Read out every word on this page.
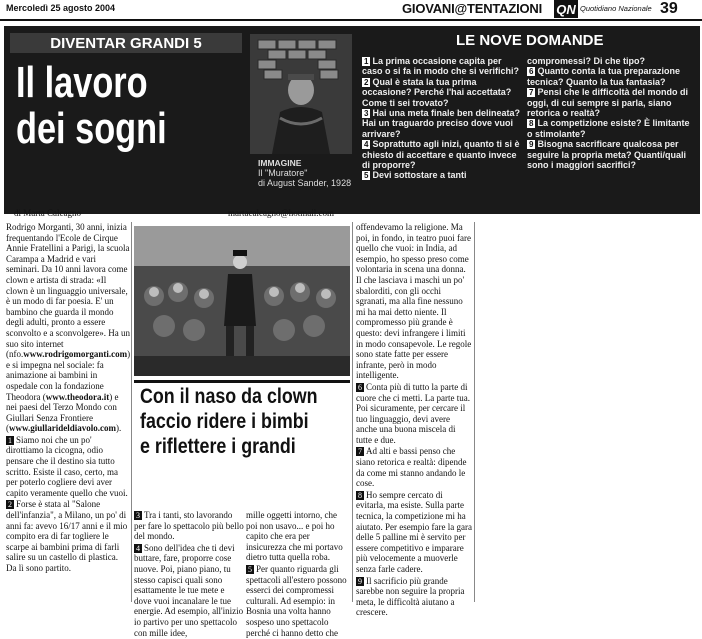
Mercoledì 25 agosto 2004	GIOVANI@TENTAZIONI QN Quotidiano Nazionale 39
DIVENTAR GRANDI 5
Il lavoro
dei sogni
IMMAGINE
Il "Muratore"
di August Sander, 1928
LE NOVE DOMANDE
1 La prima occasione capita per caso o si fa in modo che si verifichi?
2 Qual è stata la tua prima occasione? Perché l'hai accettata? Come ti sei trovato?
3 Hai una meta finale ben delineata? Hai un traguardo preciso dove vuoi arrivare?
4 Soprattutto agli inizi, quanto ti si è chiesto di accettare e quanto invece di proporre?
5 Devi sottostare a tanti
compromessi? Di che tipo?
6 Quanto conta la tua preparazione tecnica? Quanto la tua fantasia?
7 Pensi che le difficoltà del mondo di oggi, di cui sempre si parla, siano retorica o realtà?
8 La competizione esiste? È limitante o stimolante?
9 Bisogna sacrificare qualcosa per seguire la propria meta? Quanti/quali sono i maggiori sacrifici?
di Marta Calcagno	martacalcagno@hotmail.com

Rodrigo Morganti, 30 anni, inizia frequentando l'Ecole de Cirque Annie Fratellini a Parigi, la scuola Carampa a Madrid e vari seminari. Da 10 anni lavora come clown e artista di strada: «Il clown è un linguaggio universale, è un modo di far poesia. E' un bambino che guarda il mondo degli adulti, pronto a essere sconvolto e a sconvolgere». Ha un suo sito internet (nfo.www.rodrigomorganti.com) e si impegna nel sociale: fa animazione ai bambini in ospedale con la fondazione Theodora (www.theodora.it) e nei paesi del Terzo Mondo con Giullari Senza Frontiere (www.giullarideldiavolo.com).

1 Siamo noi che un po' dirottiamo la cicogna, odio pensare che il destino sia tutto scritto. Esiste il caso, certo, ma per poterlo cogliere devi aver capito veramente quello che vuoi.

2 Forse è stata al "Salone dell'infanzia", a Milano, un po' di anni fa: avevo 16/17 anni e il mio compito era di far togliere le scarpe ai bambini prima di farli salire su un castello di plastica. Da lì sono partito.

Con il naso da clown
faccio ridere i bimbi
e riflettere i grandi

3 Tra i tanti, sto lavorando per fare lo spettacolo più bello del mondo.

4 Sono dell'idea che ti devi buttare, fare, proporre cose nuove. Poi, piano piano, tu stesso capisci quali sono esattamente le tue mete e dove vuoi incanalare le tue energie. Ad esempio, all'inizio io partivo per uno spettacolo con mille idee,

mille oggetti intorno, che poi non usavo... e poi ho capito che era per insicurezza che mi portavo dietro tutta quella roba.

5 Per quanto riguarda gli spettacoli all'estero possono esserci dei compromessi culturali. Ad esempio: in Bosnia una volta hanno sospeso uno spettacolo perché ci hanno detto che

offendevamo la religione. Ma poi, in fondo, in teatro puoi fare quello che vuoi: in India, ad esempio, ho spesso preso come volontaria in scena una donna. Il che lasciava i maschi un po' sbalorditi, con gli occhi sgranati, ma alla fine nessuno mi ha mai detto niente. Il compromesso più grande è questo: devi infrangere i limiti in modo consapevole. Le regole sono state fatte per essere infrante, però in modo intelligente.

6 Conta più di tutto la parte di cuore che ci metti. La parte tua. Poi sicuramente, per cercare il tuo linguaggio, devi avere anche una buona miscela di tutte e due.

7 Ad alti e bassi penso che siano retorica e realtà: dipende da come mi stanno andando le cose.

8 Ho sempre cercato di evitarla, ma esiste. Sulla parte tecnica, la competizione mi ha aiutato. Per esempio fare la gara delle 5 palline mi è servito per essere competitivo e imparare più velocemente a muoverle senza farle cadere.

9 Il sacrificio più grande sarebbe non seguire la propria meta, le difficoltà aiutano a crescere.
